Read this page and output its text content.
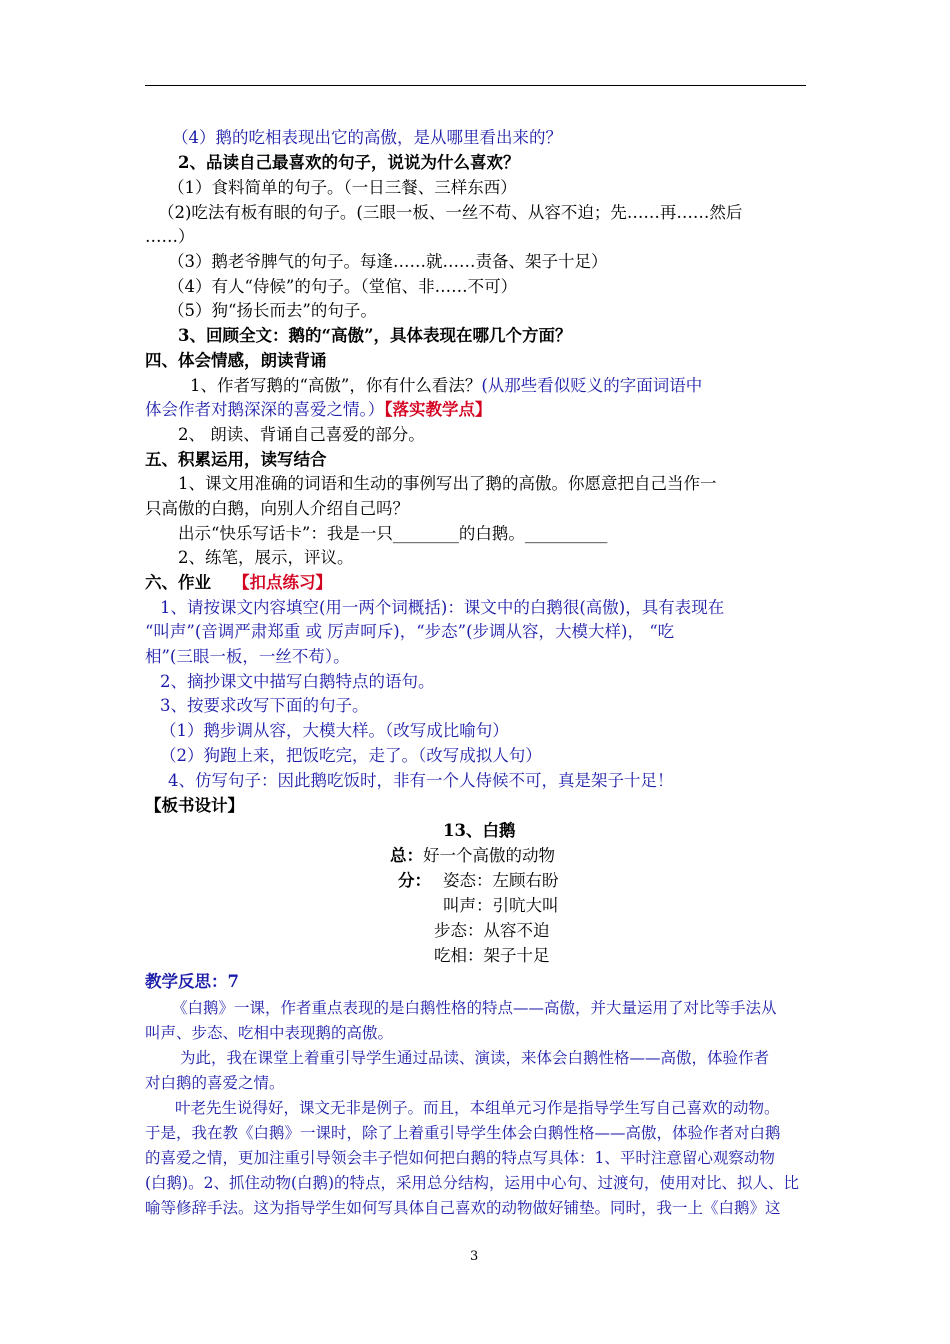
（4）鹅的吃相表现出它的高傲，是从哪里看出来的？
2、品读自己最喜欢的句子，说说为什么喜欢？
（1）食料简单的句子。（一日三餐、三样东西）
（2)吃法有板有眼的句子。(三眼一板、一丝不苟、从容不迫；先……再……然后
……）
（3）鹅老爷脾气的句子。每逢……就……责备、架子十足）
（4）有人“侍候”的句子。（堂倌、非……不可）
（5）狗“扬长而去”的句子。
3、回顾全文：鹅的“高傲”，具体表现在哪几个方面？
四、体会情感，朗读背诵
1、作者写鹅的“高傲”，你有什么看法？(从那些看似贬义的字面词语中
体会作者对鹅深深的喜爱之情。）【落实教学点】
2、 朗读、背诵自己喜爱的部分。
五、积累运用，读写结合
1、课文用准确的词语和生动的事例写出了鹅的高傲。你愿意把自己当作一
只高傲的白鹅，向别人介绍自己吗？
出示“快乐写话卡”：我是一只________的白鹅。__________
2、练笔，展示，评议。
六、作业 【扣点练习】
1、请按课文内容填空(用一两个词概括)：课文中的白鹅很(高傲)，具有表现在
“叫声”(音调严肃郑重 或 厉声呵斥)，“步态”(步调从容，大模大样)， “吃
相”(三眼一板，一丝不苟）。
2、摘抄课文中描写白鹅特点的语句。
3、按要求改写下面的句子。
（1）鹅步调从容，大模大样。（改写成比喻句）
（2）狗跑上来，把饭吃完，走了。（改写成拟人句）
4、仿写句子：因此鹅吃饭时，非有一个人侍候不可，真是架子十足！
【板书设计】
13、白鹅
总：好一个高傲的动物
分： 姿态：左顾右盼
叫声：引吭大叫
步态：从容不迫
吃相：架子十足
教学反思：7
《白鹅》一课，作者重点表现的是白鹅性格的特点——高傲，并大量运用了对比等手法从
叫声、步态、吃相中表现鹅的高傲。
为此，我在课堂上着重引导学生通过品读、演读，来体会白鹅性格——高傲，体验作者
对白鹅的喜爱之情。
叶老先生说得好，课文无非是例子。而且，本组单元习作是指导学生写自己喜欢的动物。
于是，我在教《白鹅》一课时，除了上着重引导学生体会白鹅性格——高傲，体验作者对白鹅
的喜爱之情，更加注重引导领会丰子恺如何把白鹅的特点写具体：1、平时注意留心观察动物
(白鹅)。2、抓住动物(白鹅)的特点，采用总分结构，运用中心句、过渡句，使用对比、拟人、比
喻等修辞手法。这为指导学生如何写具体自己喜欢的动物做好铺垫。同时，我一上《白鹅》这
3
